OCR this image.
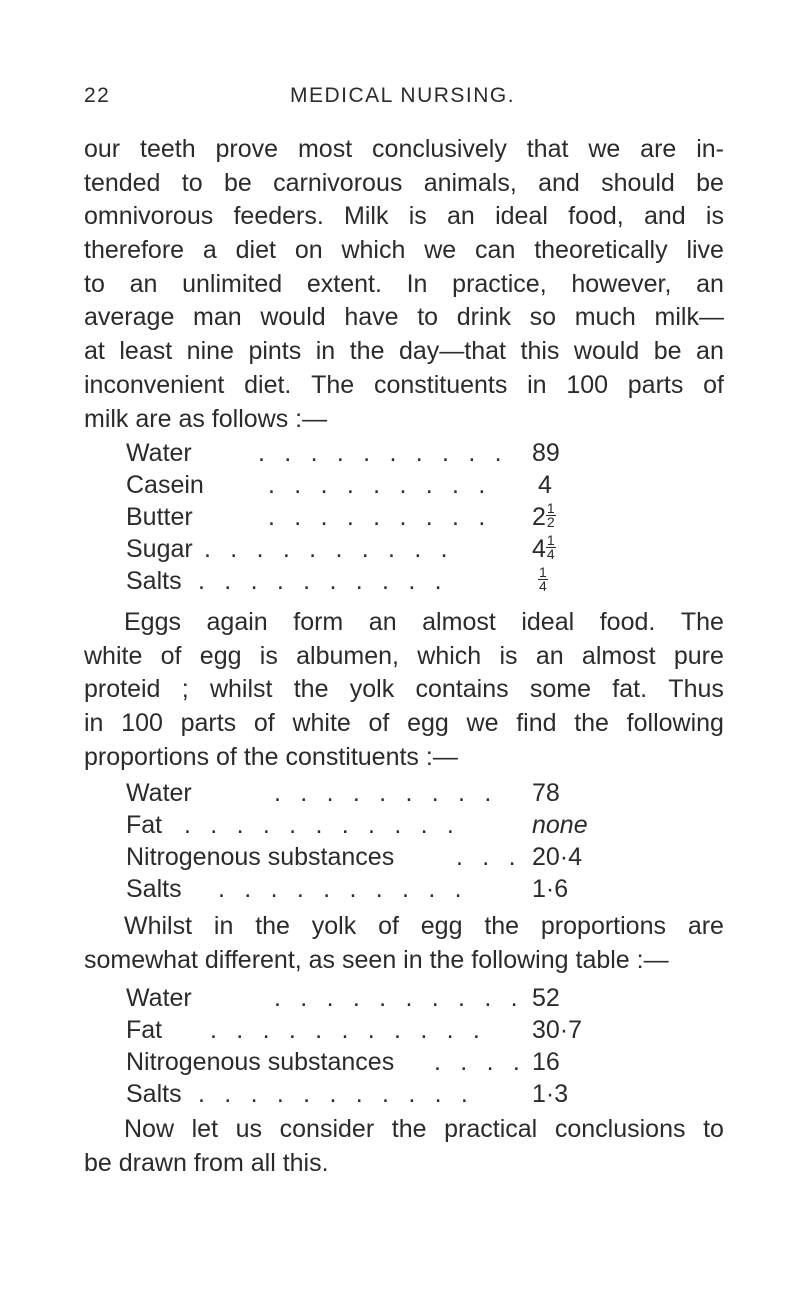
22	MEDICAL NURSING.
our teeth prove most conclusively that we are in-
tended to be carnivorous animals, and should be
omnivorous feeders. Milk is an ideal food, and is
therefore a diet on which we can theoretically live
to an unlimited extent. In practice, however, an
average man would have to drink so much milk—
at least nine pints in the day—that this would be an
inconvenient diet. The constituents in 100 parts of
milk are as follows :—
Water	. . . . . . . . . . 89
Casein	. . . . . . . . . 4
Butter	. . . . . . . . . $2 \frac{1}{2}$
Sugar . . . . . . . . . .	$4 \frac{1}{4}$
Salts . . . . . . . . . .	$\frac{1}{4}$
Eggs again form an almost ideal food. The
white of egg is albumen, which is an almost pure
proteid ; whilst the yolk contains some fat. Thus
in 100 parts of white of egg we find the following
proportions of the constituents :—
Water	. . . . . . . . . 78
Fat . . . . . . . . . . .	none
Nitrogenous substances . . . 20·4
Salts . . . . . . . . . .	1·6
Whilst in the yolk of egg the proportions are
somewhat different, as seen in the following table :—
Water	. . . . . . . . . . 52
Fat . . . . . . . . . . . 30·7
Nitrogenous substances . . . . 16
Salts . . . . . . . . . . . 1·3
Now let us consider the practical conclusions to
be drawn from all this.
